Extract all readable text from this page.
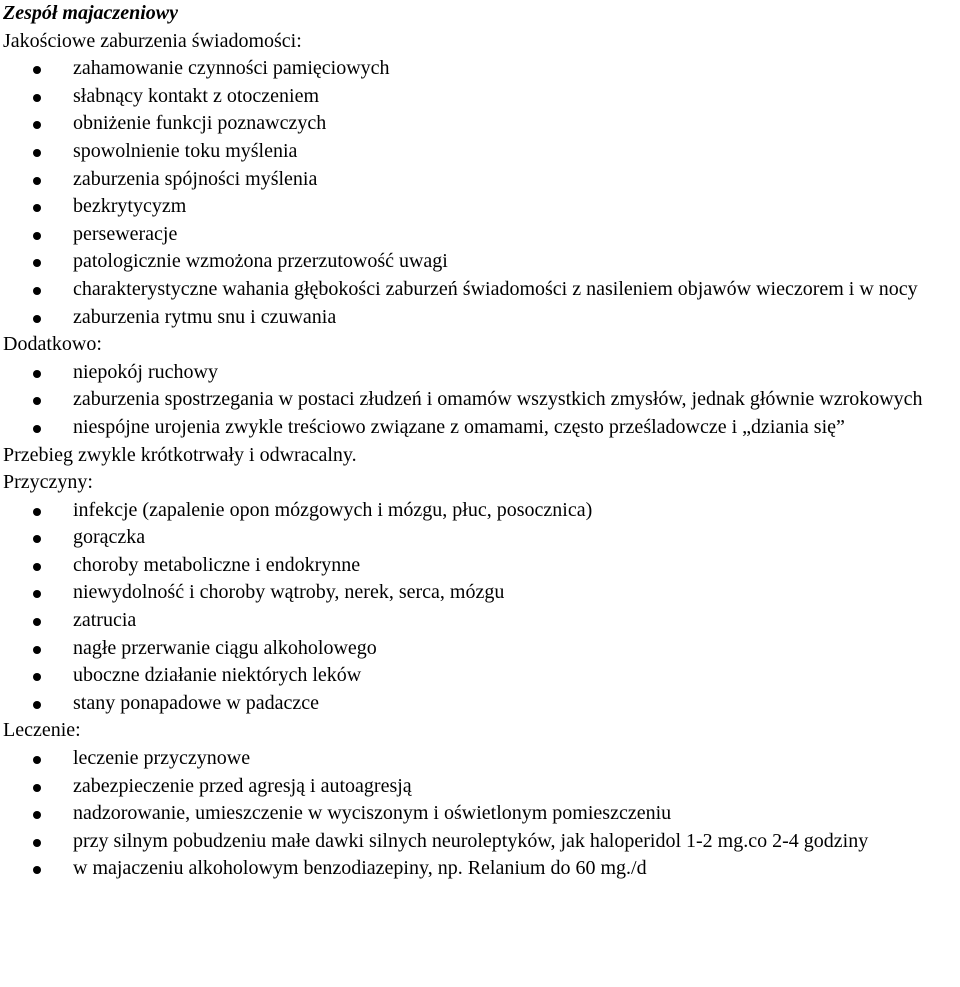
Zespół majaczeniowy

Jakościowe zaburzenia świadomości:

zahamowanie czynności pamięciowych
słabnący kontakt z otoczeniem
obniżenie funkcji poznawczych
spowolnienie toku myślenia
zaburzenia spójności myślenia
bezkrytycyzm
perseweracje
patologicznie wzmożona przerzutowość uwagi
charakterystyczne wahania głębokości zaburzeń świadomości z nasileniem objawów wieczorem i w nocy
zaburzenia rytmu snu i czuwania

Dodatkowo:

niepokój ruchowy
zaburzenia spostrzegania w postaci złudzeń i omamów wszystkich zmysłów, jednak głównie wzrokowych
niespójne urojenia zwykle treściowo związane z omamami, często prześladowcze i „dziania się”

Przebieg zwykle krótkotrwały i odwracalny.

Przyczyny:

infekcje (zapalenie opon mózgowych i mózgu, płuc, posocznica)
gorączka
choroby metaboliczne i endokrynne
niewydolność i choroby wątroby, nerek, serca, mózgu
zatrucia
nagłe przerwanie ciągu alkoholowego
uboczne działanie niektórych leków
stany ponapadowe w padaczce

Leczenie:

leczenie przyczynowe
zabezpieczenie przed agresją i autoagresją
nadzorowanie, umieszczenie w wyciszonym i oświetlonym pomieszczeniu
przy silnym pobudzeniu małe dawki silnych neuroleptyków, jak haloperidol 1-2 mg.co 2-4 godziny
w majaczeniu alkoholowym benzodiazepiny, np. Relanium do 60 mg./d
